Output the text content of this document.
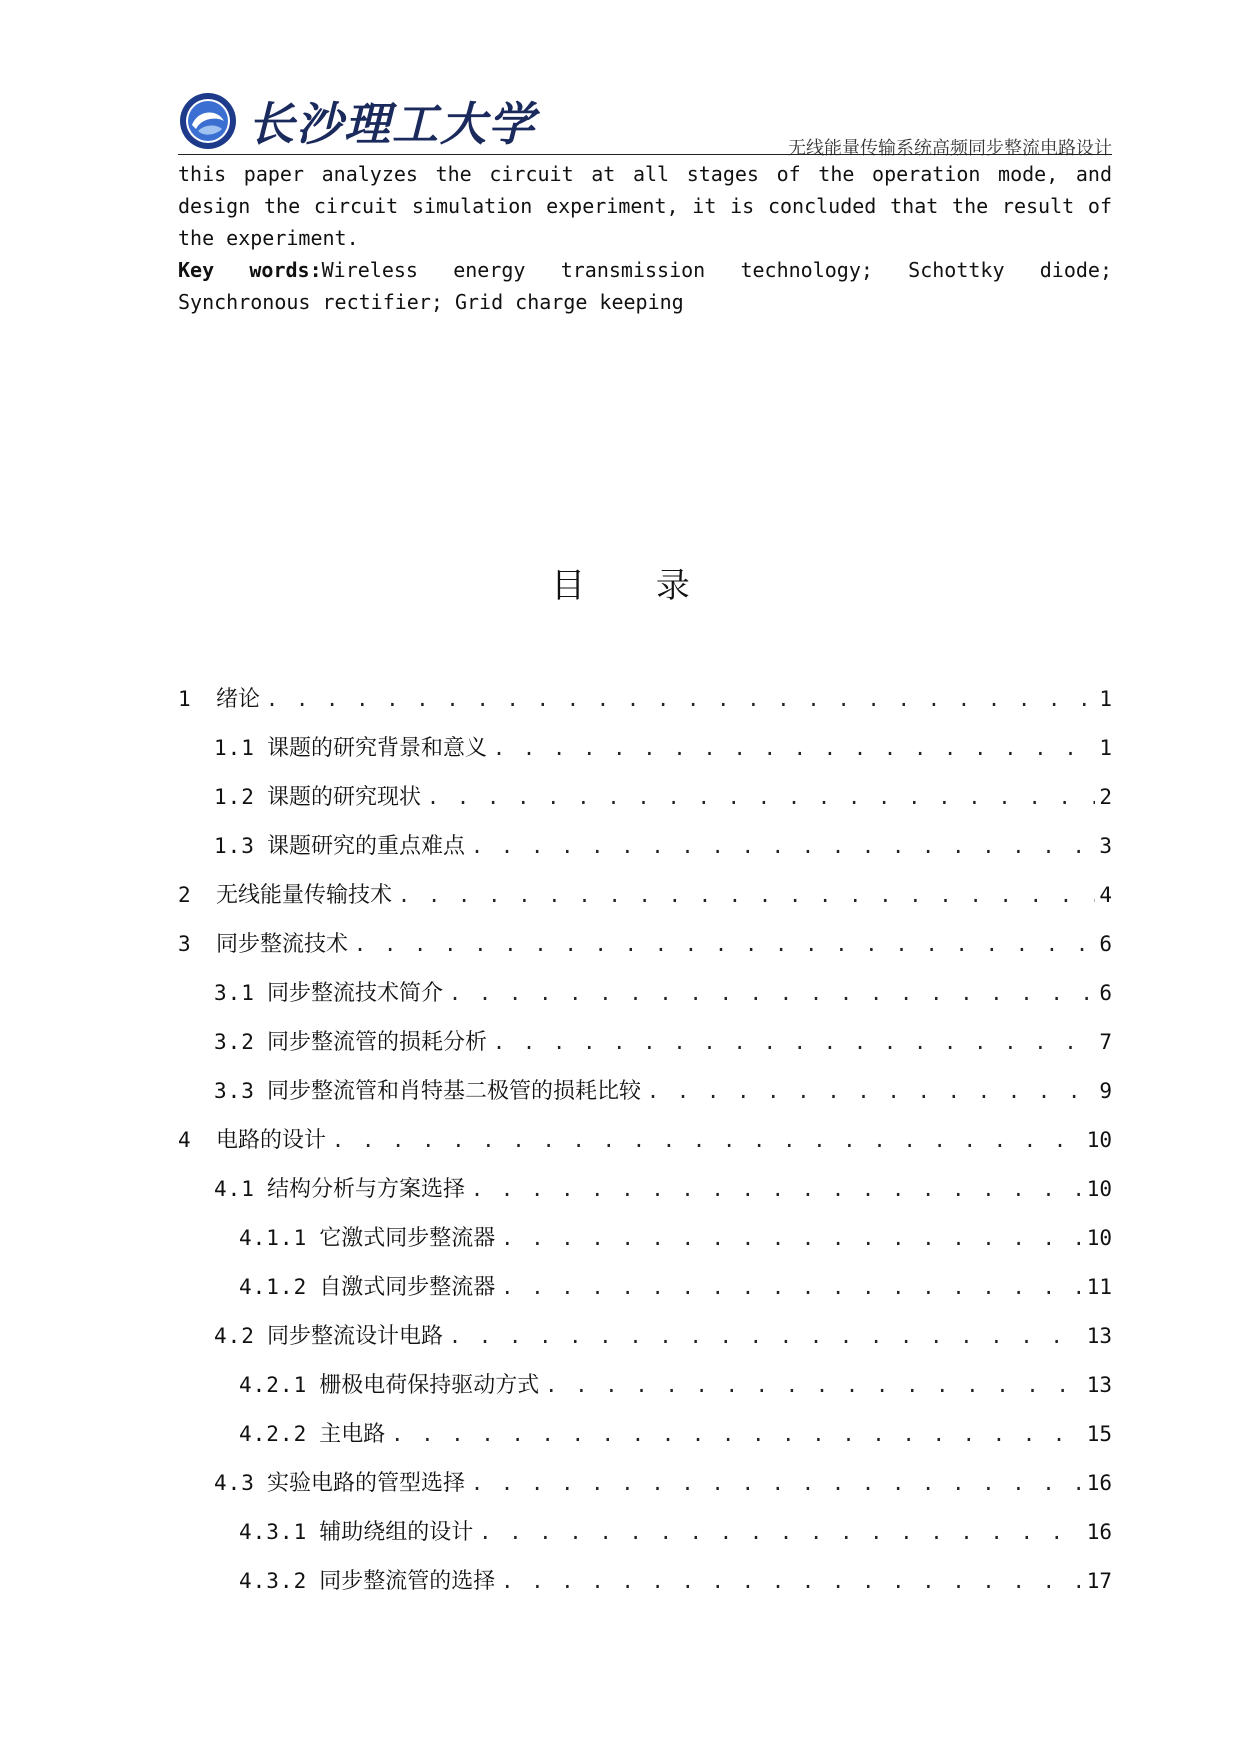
长沙理工大学	无线能量传输系统高频同步整流电路设计

this paper analyzes the circuit at all stages of the operation mode, and design the circuit simulation experiment, it is concluded that the result of the experiment.

Key words:Wireless energy transmission technology; Schottky diode; Synchronous rectifier; Grid charge keeping

目 录
1	绪论 . . .	1
1.1 课题的研究背景和意义 . . .	1
1.2 课题的研究现状 . . .	2
1.3 课题研究的重点难点 . . .	3
2	无线能量传输技术 . . .	4
3	同步整流技术 . . .	6
3.1 同步整流技术简介 . . .	6
3.2 同步整流管的损耗分析 . . .	7
3.3 同步整流管和肖特基二极管的损耗比较 . . .	9
4	电路的设计 . . .	10
4.1 结构分析与方案选择 . . .	10
4.1.1 它激式同步整流器 . . .	10
4.1.2 自激式同步整流器 . . .	11
4.2 同步整流设计电路 . . .	13
4.2.1 栅极电荷保持驱动方式 . . .	13
4.2.2 主电路 . . .	15
4.3 实验电路的管型选择 . . .	16
4.3.1 辅助绕组的设计 . . .	16
4.3.2 同步整流管的选择 . . .	17
